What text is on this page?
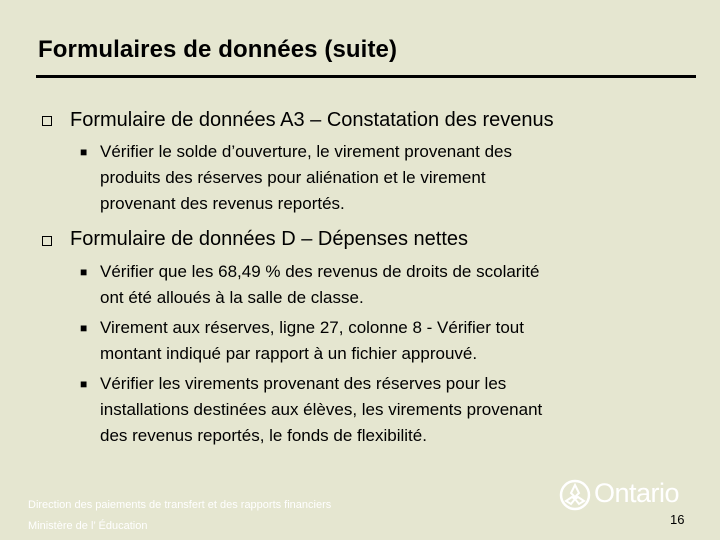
Formulaires de données (suite)
Formulaire de données A3 – Constatation des revenus
■ Vérifier le solde d’ouverture, le virement provenant des
produits des réserves pour aliénation et le virement
provenant des revenus reportés.
Formulaire de données D – Dépenses nettes
■ Vérifier que les 68,49 % des revenus de droits de scolarité
ont été alloués à la salle de classe.
■ Virement aux réserves, ligne 27, colonne 8 - Vérifier tout
montant indiqué par rapport à un fichier approuvé.
■ Vérifier les virements provenant des réserves pour les
installations destinées aux élèves, les virements provenant
des revenus reportés, le fonds de flexibilité.
Direction des paiements de transfert et des rapports financiers
Ministère de l’ Éducation
Ontario
16
